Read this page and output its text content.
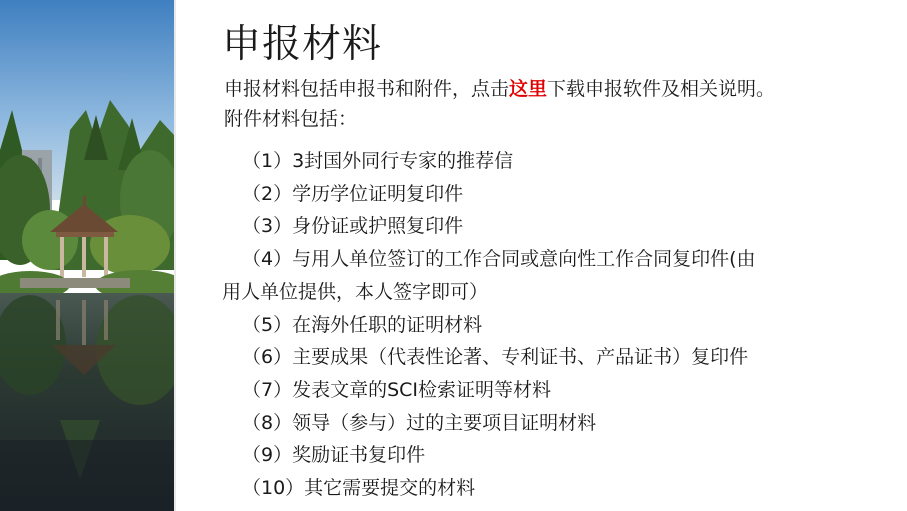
申报材料
申报材料包括申报书和附件，点击这里下载申报软件及相关说明。
附件材料包括：
（1）3封国外同行专家的推荐信
（2）学历学位证明复印件
（3）身份证或护照复印件
（4）与用人单位签订的工作合同或意向性工作合同复印件(由
用人单位提供，本人签字即可）
（5）在海外任职的证明材料
（6）主要成果（代表性论著、专利证书、产品证书）复印件
（7）发表文章的SCI检索证明等材料
（8）领导（参与）过的主要项目证明材料
（9）奖励证书复印件
（10）其它需要提交的材料
